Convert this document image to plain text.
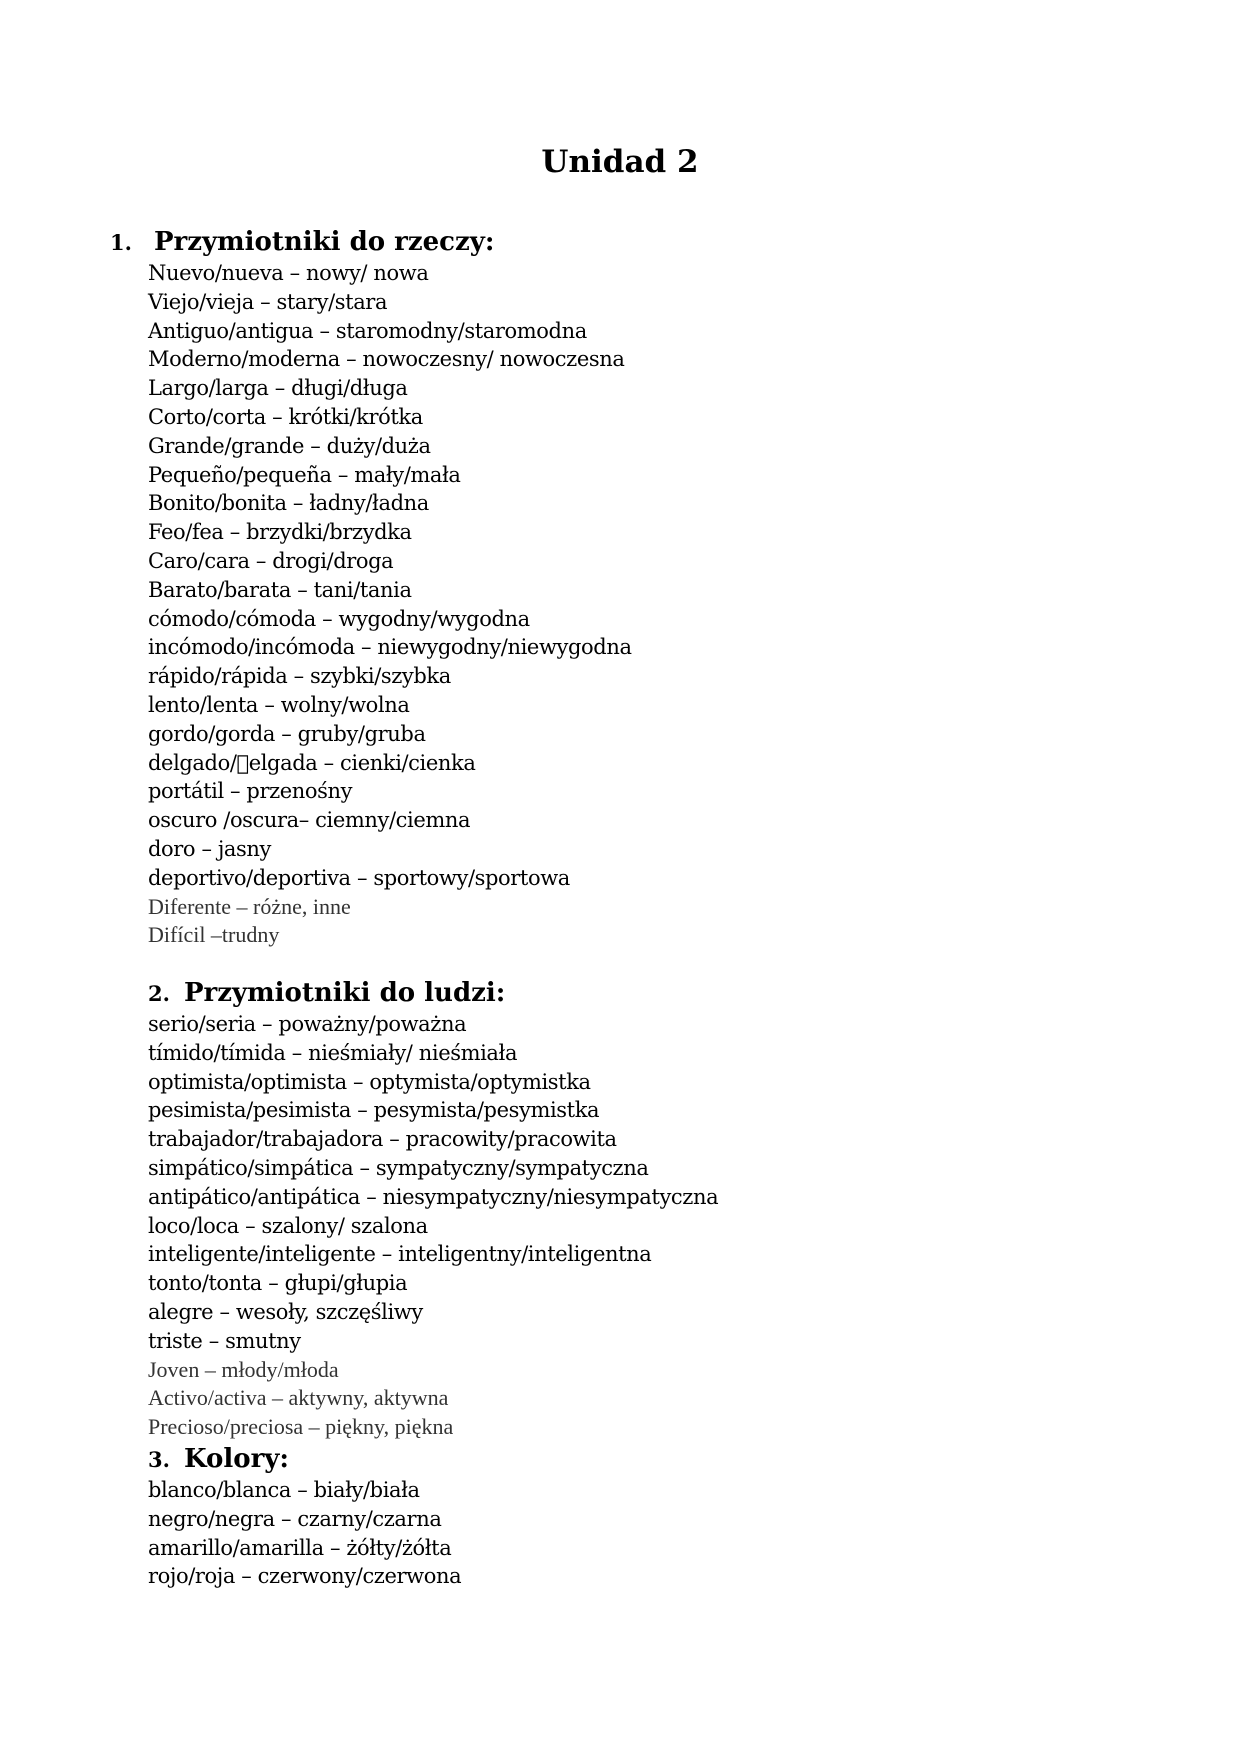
Unidad 2
1. Przymiotniki do rzeczy:
Nuevo/nueva – nowy/ nowa
Viejo/vieja – stary/stara
Antiguo/antigua – staromodny/staromodna
Moderno/moderna – nowoczesny/ nowoczesna
Largo/larga – długi/długa
Corto/corta – krótki/krótka
Grande/grande – duży/duża
Pequeño/pequeña – mały/mała
Bonito/bonita – ładny/ładna
Feo/fea – brzydki/brzydka
Caro/cara – drogi/droga
Barato/barata – tani/tania
cómodo/cómoda – wygodny/wygodna
incómodo/incómoda – niewygodny/niewygodna
rápido/rápida – szybki/szybka
lento/lenta – wolny/wolna
gordo/gorda – gruby/gruba
delgado/ elgada – cienki/cienka
portátil – przenośny
oscuro /oscura– ciemny/ciemna
doro – jasny
deportivo/deportiva – sportowy/sportowa
Diferente – różne, inne
Difícil –trudny
2. Przymiotniki do ludzi:
serio/seria – poważny/poważna
tímido/tímida – nieśmiały/ nieśmiała
optimista/optimista – optymista/optymistka
pesimista/pesimista – pesymista/pesymistka
trabajador/trabajadora – pracowity/pracowita
simpático/simpática – sympatyczny/sympatyczna
antipático/antipática – niesympatyczny/niesympatyczna
loco/loca – szalony/ szalona
inteligente/inteligente – inteligentny/inteligentna
tonto/tonta – głupi/głupia
alegre – wesoły, szczęśliwy
triste – smutny
Joven – młody/młoda
Activo/activa – aktywny, aktywna
Precioso/preciosa – piękny, piękna
3. Kolory:
blanco/blanca – biały/biała
negro/negra – czarny/czarna
amarillo/amarilla – żółty/żółta
rojo/roja – czerwony/czerwona
